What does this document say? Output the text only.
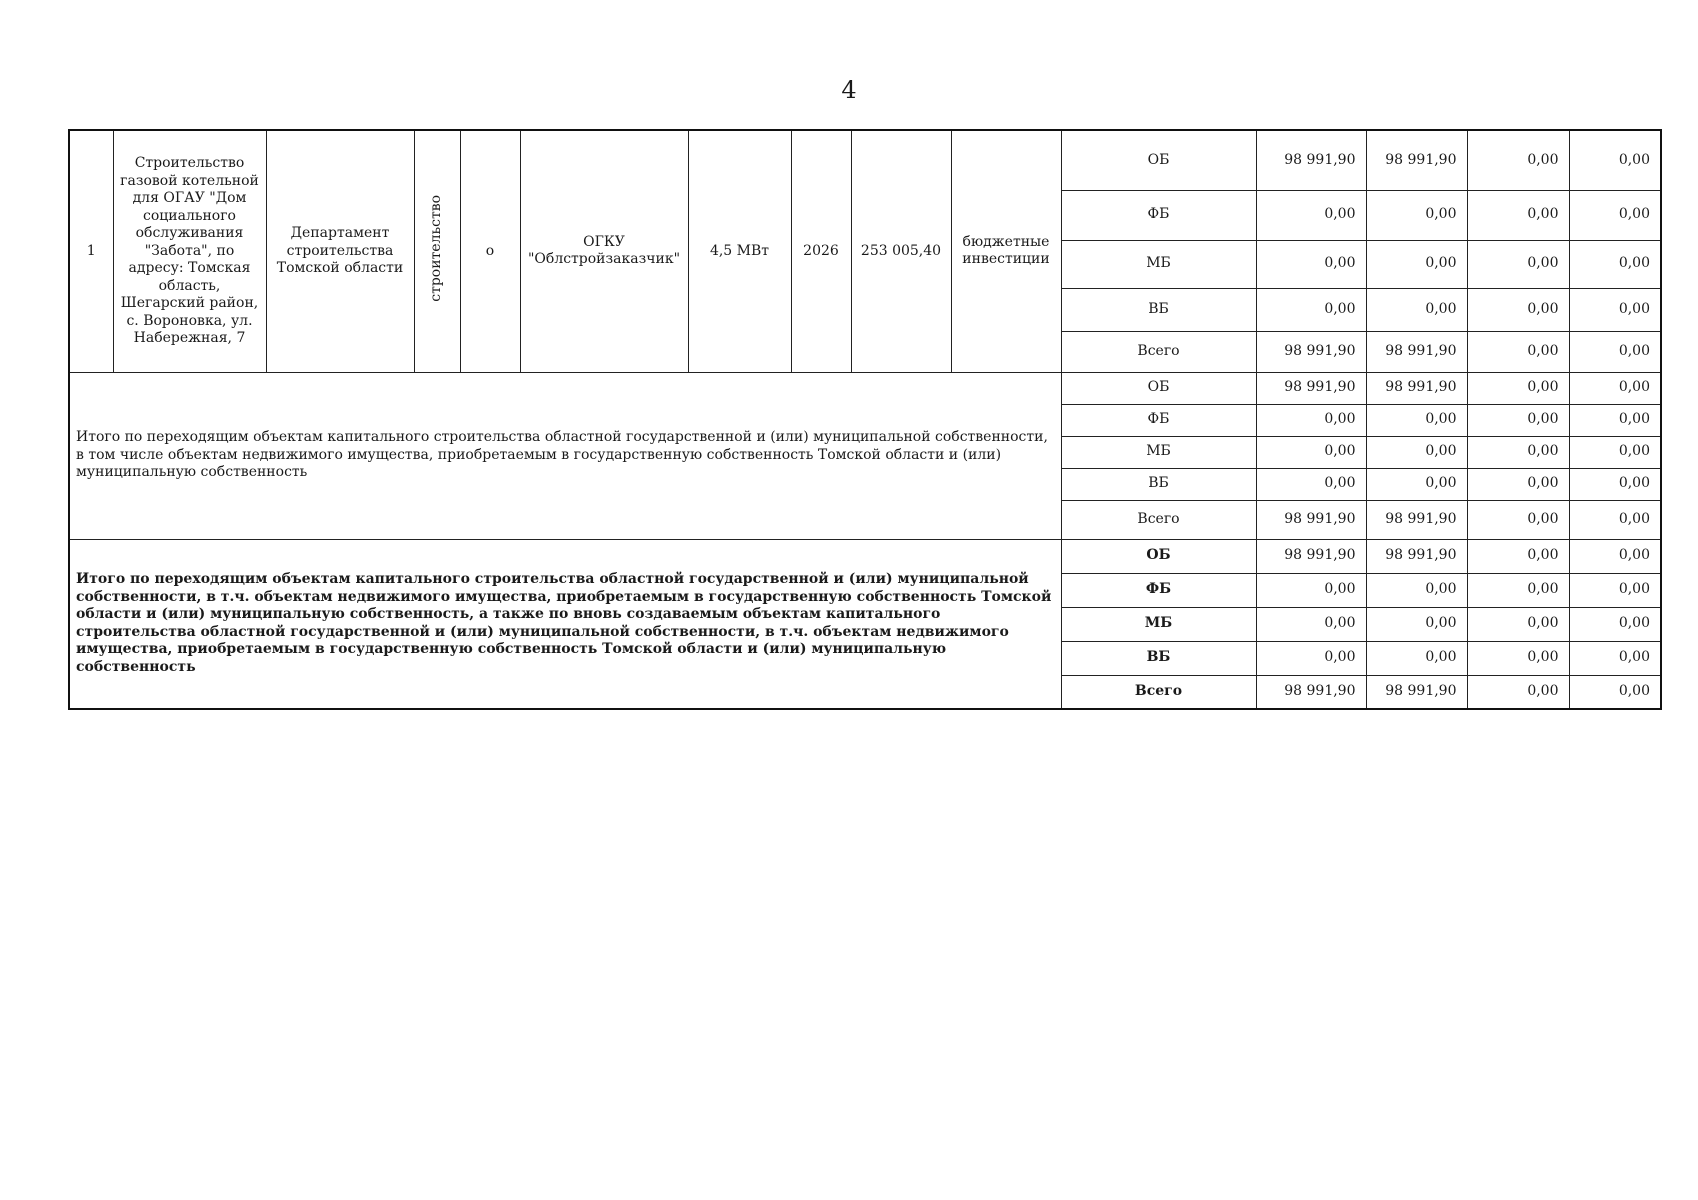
4
1	Строительство газовой котельной для ОГАУ "Дом социального обслуживания "Забота", по адресу: Томская область, Шегарский район, с. Вороновка, ул. Набережная, 7	Департамент строительства Томской области	строительство	о	ОГКУ "Облстройзаказчик"	4,5 МВт	2026	253 005,40	бюджетные инвестиции	ОБ	98 991,90	98 991,90	0,00	0,00
										ФБ	0,00	0,00	0,00	0,00
										МБ	0,00	0,00	0,00	0,00
										ВБ	0,00	0,00	0,00	0,00
										Всего	98 991,90	98 991,90	0,00	0,00
Итого по переходящим объектам капитального строительства областной государственной и (или) муниципальной собственности, в том числе объектам недвижимого имущества, приобретаемым в государственную собственность Томской области и (или) муниципальную собственность										ОБ	98 991,90	98 991,90	0,00	0,00
										ФБ	0,00	0,00	0,00	0,00
										МБ	0,00	0,00	0,00	0,00
										ВБ	0,00	0,00	0,00	0,00
										Всего	98 991,90	98 991,90	0,00	0,00
Итого по переходящим объектам капитального строительства областной государственной и (или) муниципальной собственности, в т.ч. объектам недвижимого имущества, приобретаемым в государственную собственность Томской области и (или) муниципальную собственность, а также по вновь создаваемым объектам капитального строительства областной государственной и (или) муниципальной собственности, в т.ч. объектам недвижимого имущества, приобретаемым в государственную собственность Томской области и (или) муниципальную собственность										ОБ	98 991,90	98 991,90	0,00	0,00
										ФБ	0,00	0,00	0,00	0,00
										МБ	0,00	0,00	0,00	0,00
										ВБ	0,00	0,00	0,00	0,00
										Всего	98 991,90	98 991,90	0,00	0,00
